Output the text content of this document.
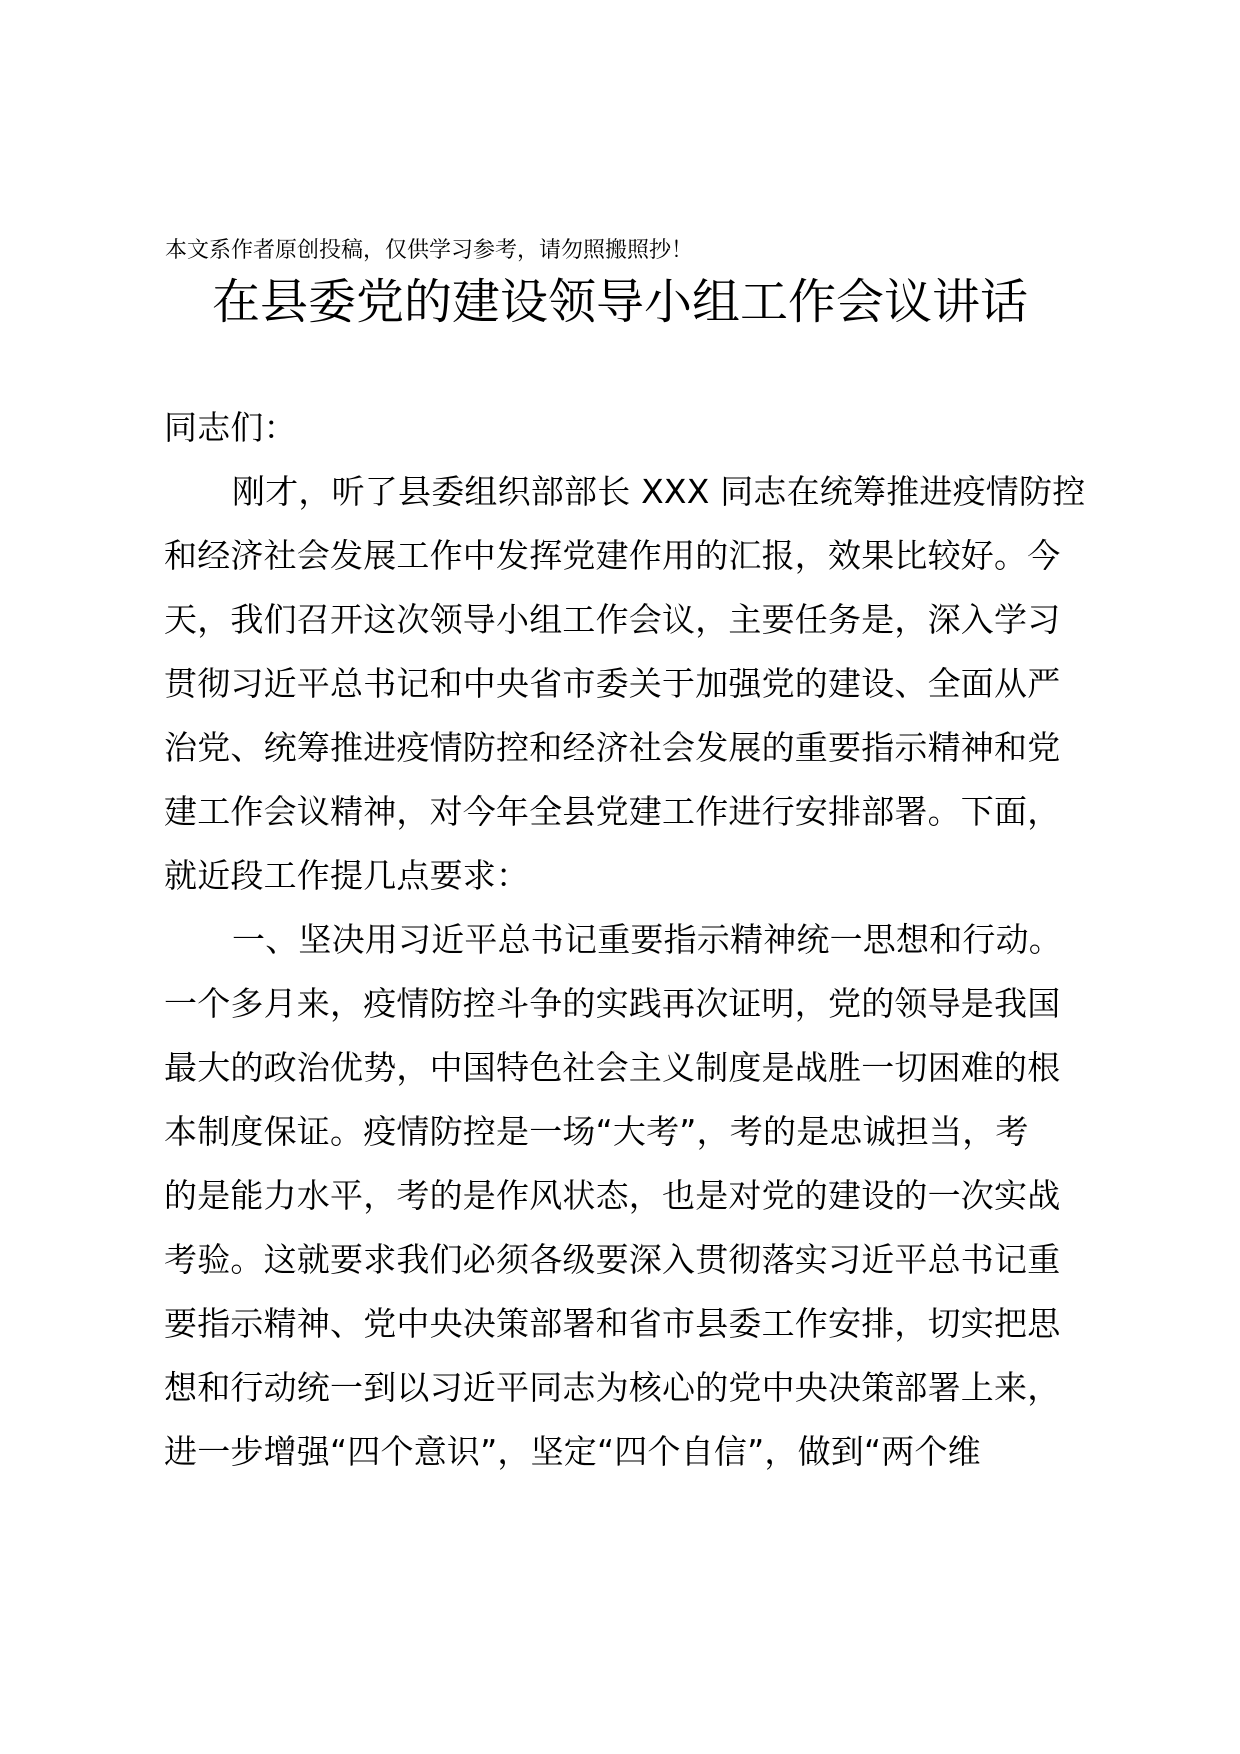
本文系作者原创投稿，仅供学习参考，请勿照搬照抄！
在县委党的建设领导小组工作会议讲话
同志们：
刚才，听了县委组织部部长 XXX 同志在统筹推进疫情防控
和经济社会发展工作中发挥党建作用的汇报，效果比较好。今
天，我们召开这次领导小组工作会议，主要任务是，深入学习
贯彻习近平总书记和中央省市委关于加强党的建设、全面从严
治党、统筹推进疫情防控和经济社会发展的重要指示精神和党
建工作会议精神，对今年全县党建工作进行安排部署。下面，
就近段工作提几点要求：
一、坚决用习近平总书记重要指示精神统一思想和行动。
一个多月来，疫情防控斗争的实践再次证明，党的领导是我国
最大的政治优势，中国特色社会主义制度是战胜一切困难的根
本制度保证。疫情防控是一场“大考”，考的是忠诚担当，考
的是能力水平，考的是作风状态，也是对党的建设的一次实战
考验。这就要求我们必须各级要深入贯彻落实习近平总书记重
要指示精神、党中央决策部署和省市县委工作安排，切实把思
想和行动统一到以习近平同志为核心的党中央决策部署上来，
进一步增强“四个意识”，坚定“四个自信”，做到“两个维
